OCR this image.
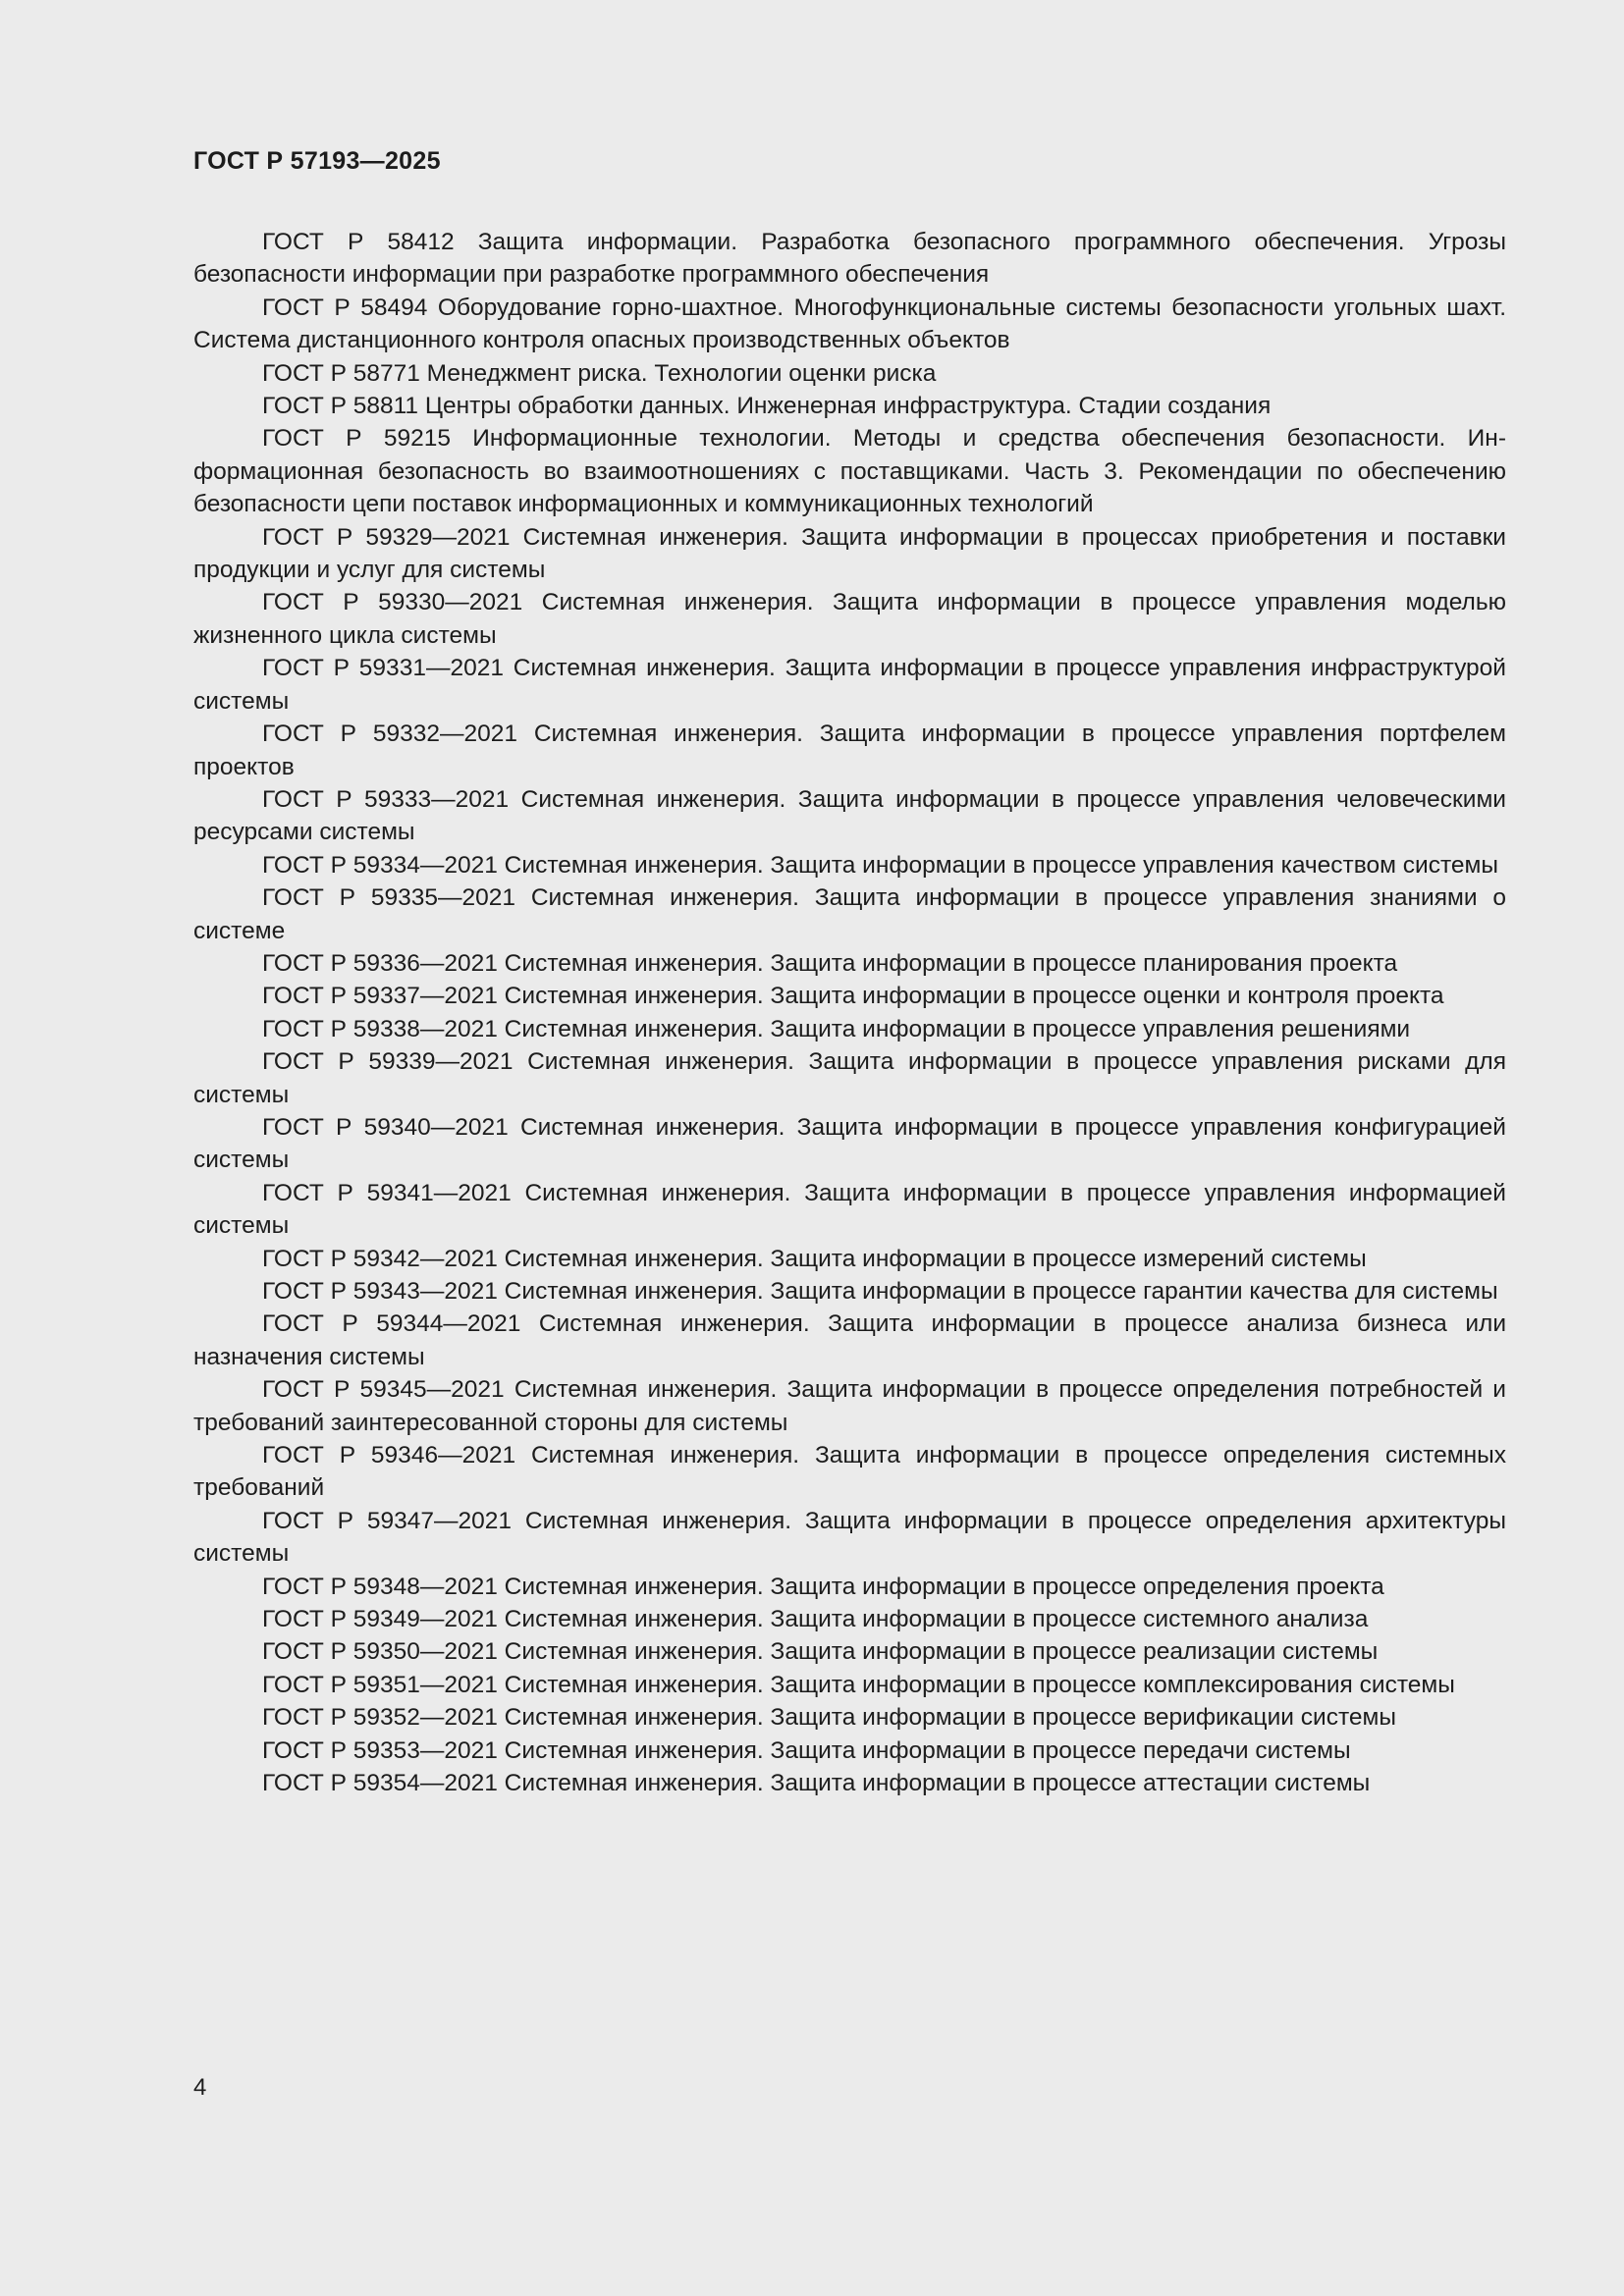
ГОСТ Р 57193—2025

ГОСТ Р 58412 Защита информации. Разработка безопасного программного обеспечения. Угрозы безопасности информации при разработке программного обеспечения

ГОСТ Р 58494 Оборудование горно-шахтное. Многофункциональные системы безопасности угольных шахт. Система дистанционного контроля опасных производственных объектов

ГОСТ Р 58771 Менеджмент риска. Технологии оценки риска

ГОСТ Р 58811 Центры обработки данных. Инженерная инфраструктура. Стадии создания

ГОСТ Р 59215 Информационные технологии. Методы и средства обеспечения безопасности. Информационная безопасность во взаимоотношениях с поставщиками. Часть 3. Рекомендации по обеспечению безопасности цепи поставок информационных и коммуникационных технологий

ГОСТ Р 59329—2021 Системная инженерия. Защита информации в процессах приобретения и поставки продукции и услуг для системы

ГОСТ Р 59330—2021 Системная инженерия. Защита информации в процессе управления моделью жизненного цикла системы

ГОСТ Р 59331—2021 Системная инженерия. Защита информации в процессе управления инфраструктурой системы

ГОСТ Р 59332—2021 Системная инженерия. Защита информации в процессе управления портфелем проектов

ГОСТ Р 59333—2021 Системная инженерия. Защита информации в процессе управления человеческими ресурсами системы

ГОСТ Р 59334—2021 Системная инженерия. Защита информации в процессе управления качеством системы

ГОСТ Р 59335—2021 Системная инженерия. Защита информации в процессе управления знаниями о системе

ГОСТ Р 59336—2021 Системная инженерия. Защита информации в процессе планирования проекта

ГОСТ Р 59337—2021 Системная инженерия. Защита информации в процессе оценки и контроля проекта

ГОСТ Р 59338—2021 Системная инженерия. Защита информации в процессе управления решениями

ГОСТ Р 59339—2021 Системная инженерия. Защита информации в процессе управления рисками для системы

ГОСТ Р 59340—2021 Системная инженерия. Защита информации в процессе управления конфигурацией системы

ГОСТ Р 59341—2021 Системная инженерия. Защита информации в процессе управления информацией системы

ГОСТ Р 59342—2021 Системная инженерия. Защита информации в процессе измерений системы

ГОСТ Р 59343—2021 Системная инженерия. Защита информации в процессе гарантии качества для системы

ГОСТ Р 59344—2021 Системная инженерия. Защита информации в процессе анализа бизнеса или назначения системы

ГОСТ Р 59345—2021 Системная инженерия. Защита информации в процессе определения потребностей и требований заинтересованной стороны для системы

ГОСТ Р 59346—2021 Системная инженерия. Защита информации в процессе определения системных требований

ГОСТ Р 59347—2021 Системная инженерия. Защита информации в процессе определения архитектуры системы

ГОСТ Р 59348—2021 Системная инженерия. Защита информации в процессе определения проекта

ГОСТ Р 59349—2021 Системная инженерия. Защита информации в процессе системного анализа

ГОСТ Р 59350—2021 Системная инженерия. Защита информации в процессе реализации системы

ГОСТ Р 59351—2021 Системная инженерия. Защита информации в процессе комплексирования системы

ГОСТ Р 59352—2021 Системная инженерия. Защита информации в процессе верификации системы

ГОСТ Р 59353—2021 Системная инженерия. Защита информации в процессе передачи системы

ГОСТ Р 59354—2021 Системная инженерия. Защита информации в процессе аттестации системы

4
